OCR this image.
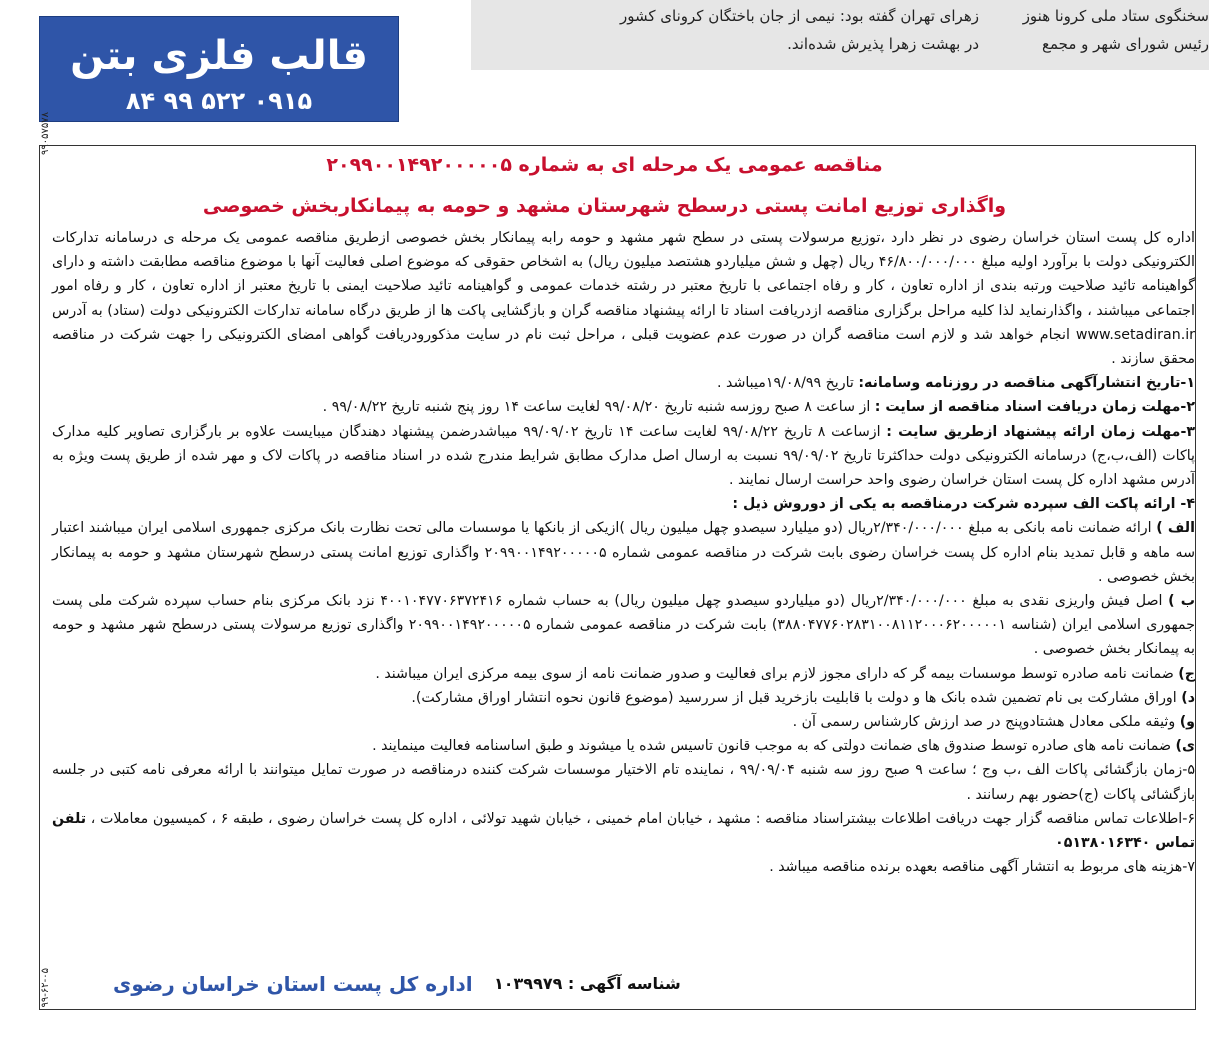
قالب فلزی بتن
۰۹۱۵ ۵۲۲ ۹۹ ۸۴
۹۹۰۵۷۵۷۸
زهرای تهران گفته بود: نیمی از جان باختگان کرونای کشور
در بهشت زهرا پذیرش شده‌اند.
سخنگوی ستاد ملی کرونا هنوز
رئیس شورای شهر و مجمع
مناقصه عمومی یک مرحله ای به شماره ۲۰۹۹۰۰۱۴۹۲۰۰۰۰۰۵
واگذاری توزیع امانت پستی درسطح شهرستان مشهد و حومه به پیمانکاربخش خصوصی

اداره کل پست استان خراسان رضوی در نظر دارد ،توزیع مرسولات پستی در سطح شهر مشهد و حومه رابه پیمانکار بخش خصوصی ازطریق مناقصه عمومی یک مرحله ی درسامانه تدارکات الکترونیکی دولت با برآورد اولیه مبلغ ۴۶/۸۰۰/۰۰۰/۰۰۰ ریال (چهل و شش میلیاردو هشتصد میلیون ریال) به اشخاص حقوقی که موضوع اصلی فعالیت آنها با موضوع مناقصه مطابقت داشته و دارای گواهینامه تائید صلاحیت ورتبه بندی از اداره تعاون ، کار و رفاه اجتماعی با تاریخ معتبر در رشته خدمات عمومی و گواهینامه تائید صلاحیت ایمنی با تاریخ معتبر از اداره تعاون ، کار و رفاه امور اجتماعی میباشند ، واگذارنماید لذا کلیه مراحل برگزاری مناقصه ازدریافت اسناد تا ارائه پیشنهاد مناقصه گران و بازگشایی پاکت ها از طریق درگاه سامانه تدارکات الکترونیکی دولت (ستاد) به آدرس www.setadiran.ir انجام خواهد شد و لازم است مناقصه گران در صورت عدم عضویت قبلی ، مراحل ثبت نام در سایت مذکورودریافت گواهی امضای الکترونیکی را جهت شرکت در مناقصه محقق سازند .

۱-تاریخ انتشارآگهی مناقصه در روزنامه وسامانه: تاریخ ۱۹/۰۸/۹۹میباشد .

۲-مهلت زمان دریافت اسناد مناقصه از سایت : از ساعت ۸ صبح روزسه شنبه تاریخ ۹۹/۰۸/۲۰ لغایت ساعت ۱۴ روز پنج شنبه تاریخ ۹۹/۰۸/۲۲ .

۳-مهلت زمان ارائه پیشنهاد ازطریق سایت : ازساعت ۸ تاریخ ۹۹/۰۸/۲۲ لغایت ساعت ۱۴ تاریخ ۹۹/۰۹/۰۲ میباشدرضمن پیشنهاد دهندگان میبایست علاوه بر بارگزاری تصاویر کلیه مدارک پاکات (الف،ب،ج) درسامانه الکترونیکی دولت حداکثرتا تاریخ ۹۹/۰۹/۰۲ نسبت به ارسال اصل مدارک مطابق شرایط مندرج شده در اسناد مناقصه در پاکات لاک و مهر شده از طریق پست ویژه به آدرس مشهد اداره کل پست استان خراسان رضوی واحد حراست ارسال نمایند .

۴- ارائه پاکت الف سپرده شرکت درمناقصه به یکی از دوروش ذیل :

الف ) ارائه ضمانت نامه بانکی به مبلغ ۲/۳۴۰/۰۰۰/۰۰۰ریال (دو میلیارد سیصدو چهل میلیون ریال )ازیکی از بانکها یا موسسات مالی تحت نظارت بانک مرکزی جمهوری اسلامی ایران میباشند اعتبار سه ماهه و قابل تمدید بنام اداره کل پست خراسان رضوی بابت شرکت در مناقصه عمومی شماره ۲۰۹۹۰۰۱۴۹۲۰۰۰۰۰۵ واگذاری توزیع امانت پستی درسطح شهرستان مشهد و حومه به پیمانکار بخش خصوصی .

ب ) اصل فیش واریزی نقدی به مبلغ ۲/۳۴۰/۰۰۰/۰۰۰ریال (دو میلیاردو سیصدو چهل میلیون ریال) به حساب شماره ۴۰۰۱۰۴۷۷۰۶۳۷۲۴۱۶ نزد بانک مرکزی بنام حساب سپرده شرکت ملی پست جمهوری اسلامی ایران (شناسه ۳۸۸۰۴۷۷۶۰۲۸۳۱۰۰۸۱۱۲۰۰۰۶۲۰۰۰۰۰۱) بابت شرکت در مناقصه عمومی شماره ۲۰۹۹۰۰۱۴۹۲۰۰۰۰۰۵ واگذاری توزیع مرسولات پستی درسطح شهر مشهد و حومه به پیمانکار بخش خصوصی .

ج) ضمانت نامه صادره توسط موسسات بیمه گر که دارای مجوز لازم برای فعالیت و صدور ضمانت نامه از سوی بیمه مرکزی ایران میباشند .

د) اوراق مشارکت بی نام تضمین شده بانک ها و دولت با قابلیت بازخرید قبل از سررسید (موضوع قانون نحوه انتشار اوراق مشارکت).

و) وثیقه ملکی معادل هشتادوپنج در صد ارزش کارشناس رسمی آن .

ی) ضمانت نامه های صادره توسط صندوق های ضمانت دولتی که به موجب قانون تاسیس شده یا میشوند و طبق اساسنامه فعالیت مینمایند .

۵-زمان بازگشائی پاکات الف ،ب وج ؛ ساعت ۹ صبح روز سه شنبه ۹۹/۰۹/۰۴ ، نماینده تام الاختیار موسسات شرکت کننده درمناقصه در صورت تمایل میتوانند با ارائه معرفی نامه کتبی در جلسه بازگشائی پاکات (ج)حضور بهم رسانند .

۶-اطلاعات تماس مناقصه گزار جهت دریافت اطلاعات بیشتراسناد مناقصه : مشهد ، خیابان امام خمینی ، خیابان شهید تولائی ، اداره کل پست خراسان رضوی ، طبقه ۶ ، کمیسیون معاملات ، تلفن تماس ۰۵۱۳۸۰۱۶۳۴۰

۷-هزینه های مربوط به انتشار آگهی مناقصه بعهده برنده مناقصه میباشد .

اداره کل پست استان خراسان رضوی شناسه آگهی : ۱۰۳۹۹۷۹
۹۹-۶۲-۰۵
